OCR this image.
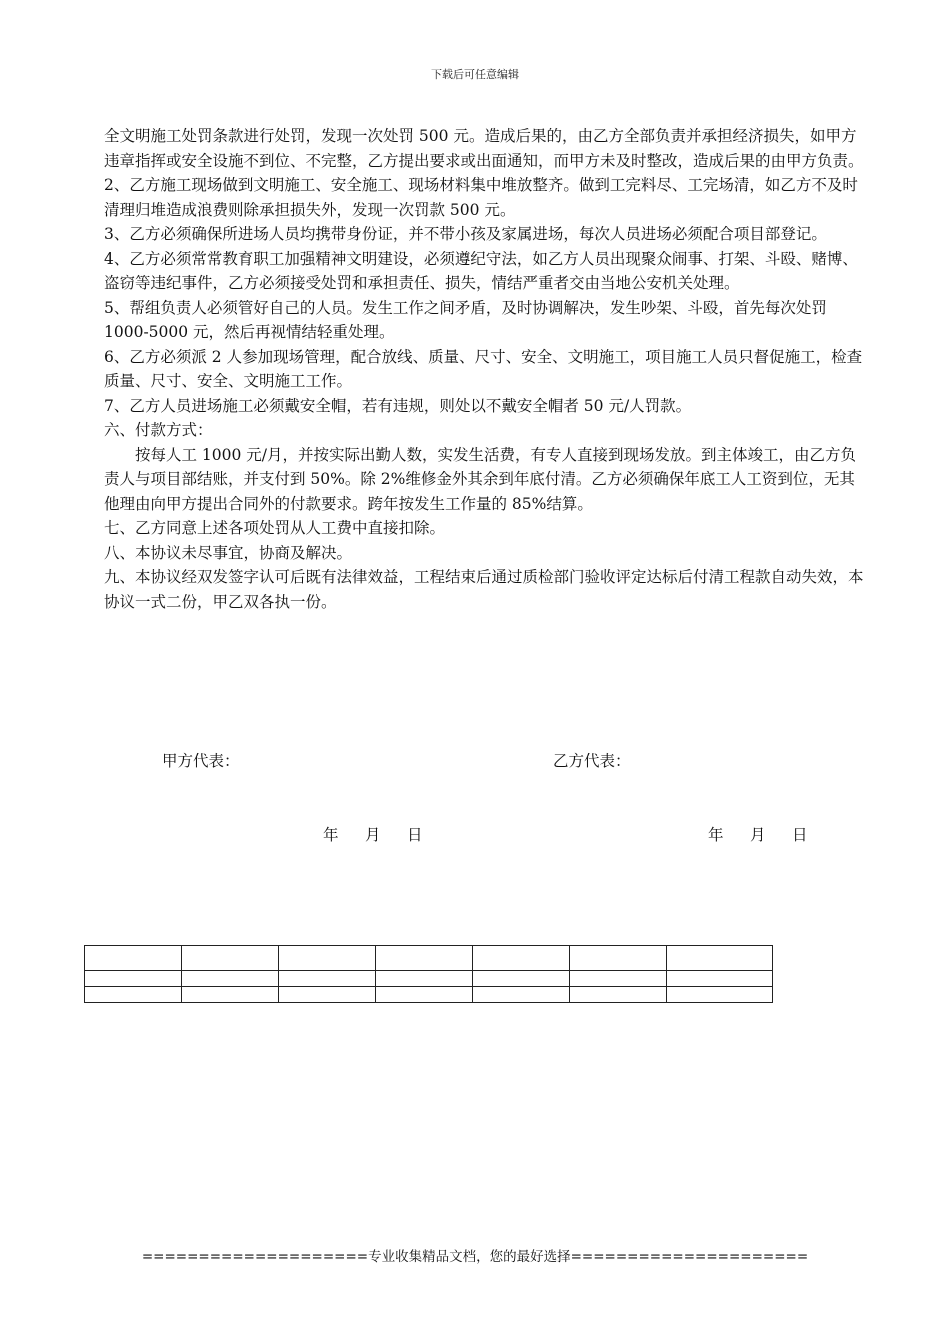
下载后可任意编辑

全文明施工处罚条款进行处罚，发现一次处罚 500 元。造成后果的，由乙方全部负责并承担经济损失，如甲方违章指挥或安全设施不到位、不完整，乙方提出要求或出面通知，而甲方未及时整改，造成后果的由甲方负责。

2、乙方施工现场做到文明施工、安全施工、现场材料集中堆放整齐。做到工完料尽、工完场清，如乙方不及时清理归堆造成浪费则除承担损失外，发现一次罚款 500 元。

3、乙方必须确保所进场人员均携带身份证，并不带小孩及家属进场，每次人员进场必须配合项目部登记。

4、乙方必须常常教育职工加强精神文明建设，必须遵纪守法，如乙方人员出现聚众闹事、打架、斗殴、赌博、盗窃等违纪事件，乙方必须接受处罚和承担责任、损失，情结严重者交由当地公安机关处理。

5、帮组负责人必须管好自己的人员。发生工作之间矛盾，及时协调解决，发生吵架、斗殴，首先每次处罚 1000-5000 元，然后再视情结轻重处理。

6、乙方必须派 2 人参加现场管理，配合放线、质量、尺寸、安全、文明施工，项目施工人员只督促施工，检查质量、尺寸、安全、文明施工工作。

7、乙方人员进场施工必须戴安全帽，若有违规，则处以不戴安全帽者 50 元/人罚款。

六、付款方式：

按每人工 1000 元/月，并按实际出勤人数，实发生活费，有专人直接到现场发放。到主体竣工，由乙方负责人与项目部结账，并支付到 50%。除 2%维修金外其余到年底付清。乙方必须确保年底工人工资到位，无其他理由向甲方提出合同外的付款要求。跨年按发生工作量的 85%结算。

七、乙方同意上述各项处罚从人工费中直接扣除。

八、本协议未尽事宜，协商及解决。

九、本协议经双发签字认可后既有法律效益，工程结束后通过质检部门验收评定达标后付清工程款自动失效，本协议一式二份，甲乙双各执一份。

甲方代表：	乙方代表：
年 月 日	年 月 日

====================专业收集精品文档，您的最好选择=====================
